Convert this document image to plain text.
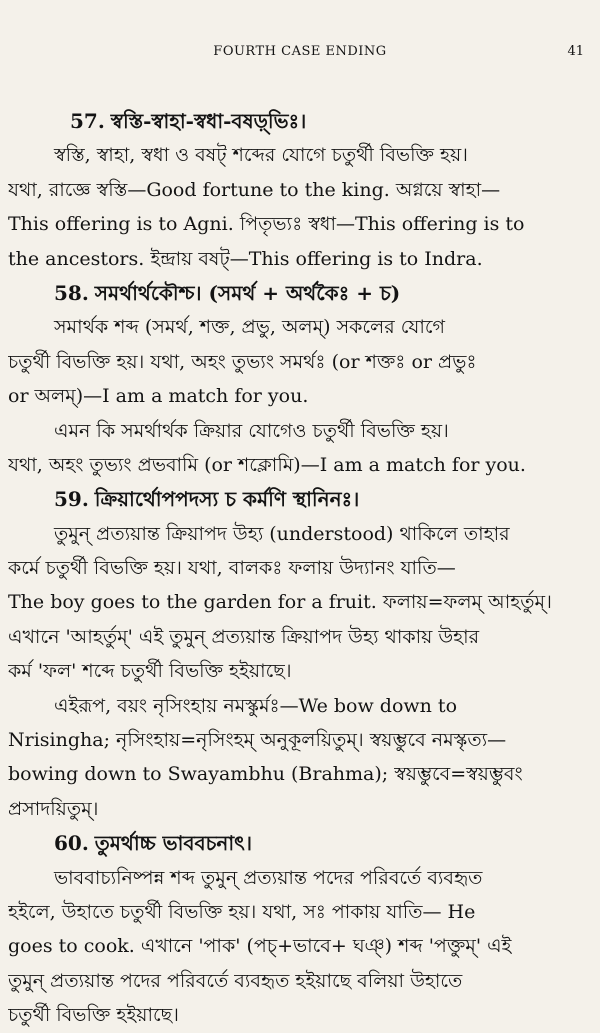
FOURTH CASE ENDING	41
57. স্বস্তি-স্বাহা-স্বধা-বষড়্‌ভিঃ।
স্বস্তি, স্বাহা, স্বধা ও বষট্‌ শব্দের যোগে চতুর্থী বিভক্তি হয়।
যথা, রাজ্ঞে স্বস্তি—Good fortune to the king. অগ্নয়ে স্বাহা—
This offering is to Agni. পিতৃভ্যঃ স্বধা—This offering is to
the ancestors. ইন্দ্রায় বষট্‌—This offering is to Indra.
58. সমর্থার্থকৌশ্চ। (সমর্থ + অর্থকৈঃ + চ)
সমার্থক শব্দ (সমর্থ, শক্ত, প্রভু, অলম্‌) সকলের যোগে
চতুর্থী বিভক্তি হয়। যথা, অহং তুভ্যং সমর্থঃ (or শক্তঃ or প্রভুঃ
or অলম্‌)—I am a match for you.
এমন কি সমর্থার্থক ক্রিয়ার যোগেও চতুর্থী বিভক্তি হয়।
যথা, অহং তুভ্যং প্রভবামি (or শক্লোমি)—I am a match for you.
59. ক্রিয়ার্থোপপদস্য চ কর্মণি স্থানিনঃ।
তুমুন্‌ প্রত্যয়ান্ত ক্রিয়াপদ উহ্য (understood) থাকিলে তাহার
কর্মে চতুর্থী বিভক্তি হয়। যথা, বালকঃ ফলায় উদ্যানং যাতি—
The boy goes to the garden for a fruit. ফলায়=ফলম্‌ আহর্তুম্‌।
এখানে 'আহর্তুম্‌' এই তুমুন্‌ প্রত্যয়ান্ত ক্রিয়াপদ উহ্য থাকায় উহার
কর্ম 'ফল' শব্দে চতুর্থী বিভক্তি হইয়াছে।
এইরূপ, বয়ং নৃসিংহায় নমস্কুর্মঃ—We bow down to
Nrisingha; নৃসিংহায়=নৃসিংহম্‌ অনুকূলয়িতুম্‌। স্বয়ম্ভুবে নমস্কৃত্য—
bowing down to Swayambhu (Brahma); স্বয়ম্ভুবে=স্বয়ম্ভুবং
প্রসাদয়িতুম্‌।
60. তুমর্থাচ্চ ভাববচনাৎ।
ভাববাচ্যনিষ্পন্ন শব্দ তুমুন্‌ প্রত্যয়ান্ত পদের পরিবর্তে ব্যবহৃত
হইলে, উহাতে চতুর্থী বিভক্তি হয়। যথা, সঃ পাকায় যাতি— He
goes to cook. এখানে 'পাক' (পচ্‌+ভাবে+ ঘঞ্‌) শব্দ 'পক্তুম্‌' এই
তুমুন্‌ প্রত্যয়ান্ত পদের পরিবর্তে ব্যবহৃত হইয়াছে বলিয়া উহাতে
চতুর্থী বিভক্তি হইয়াছে।
